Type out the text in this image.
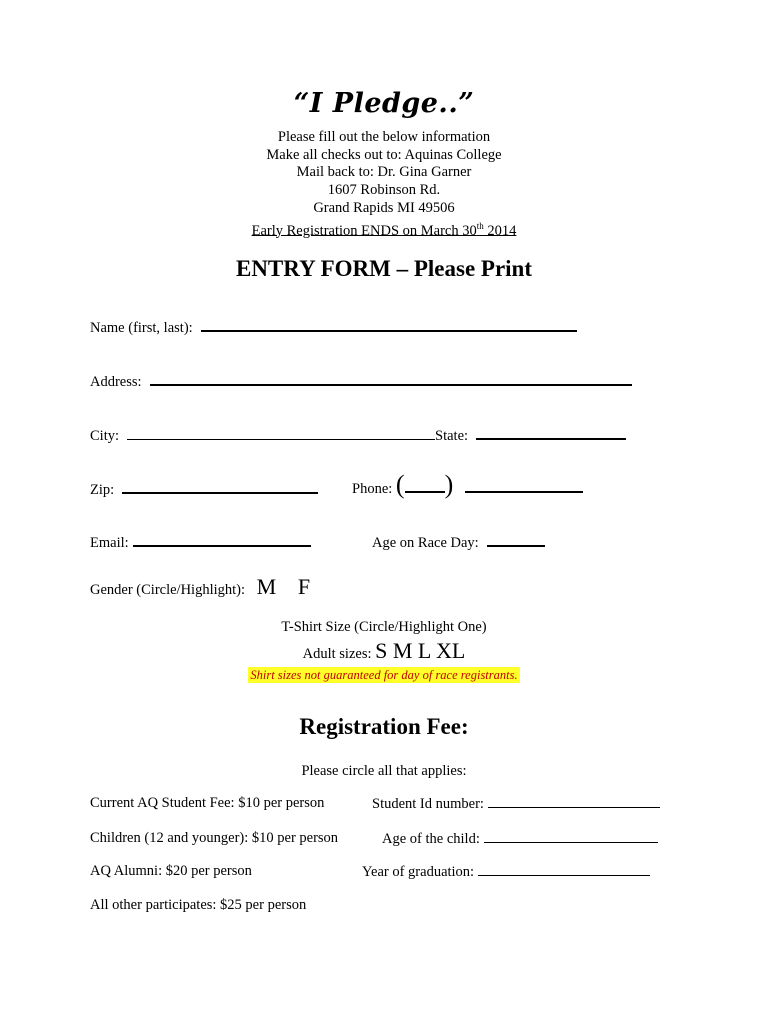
“I Pledge..”
Please fill out the below information
Make all checks out to: Aquinas College
Mail back to: Dr. Gina Garner
1607 Robinson Rd.
Grand Rapids MI 49506
Early Registration ENDS on March 30th 2014
ENTRY FORM – Please Print
Name (first, last):
Address:
City:	State:
Zip:	Phone: ( )
Email:	Age on Race Day:
Gender (Circle/Highlight): M F
T-Shirt Size (Circle/Highlight One)
Adult sizes: S M L XL
Shirt sizes not guaranteed for day of race registrants.
Registration Fee:
Please circle all that applies:
Current AQ Student Fee: $10 per person	Student Id number:
Children (12 and younger): $10 per person	Age of the child:
AQ Alumni: $20 per person	Year of graduation:
All other participates: $25 per person
